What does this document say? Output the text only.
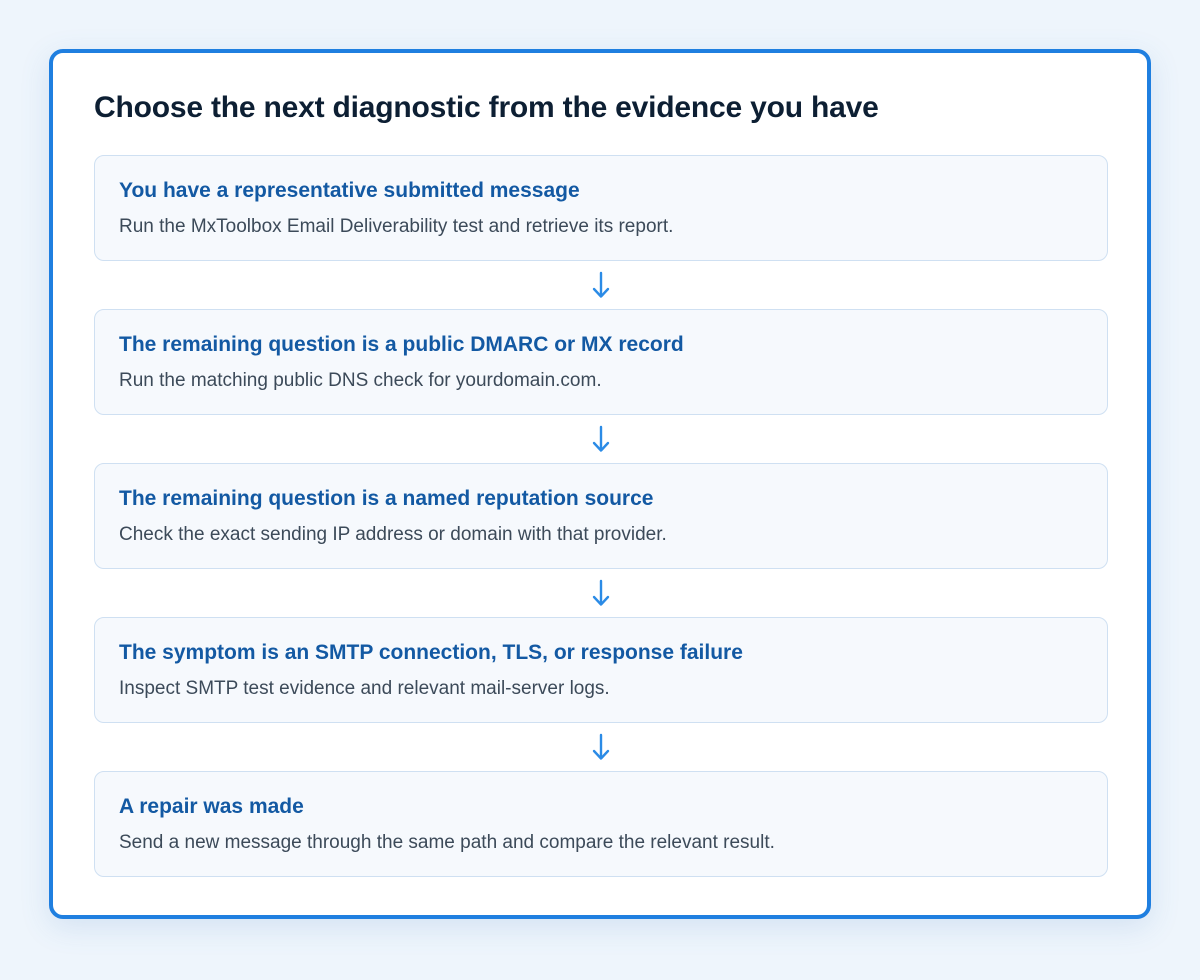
Choose the next diagnostic from the evidence you have
You have a representative submitted message
Run the MxToolbox Email Deliverability test and retrieve its report.
The remaining question is a public DMARC or MX record
Run the matching public DNS check for yourdomain.com.
The remaining question is a named reputation source
Check the exact sending IP address or domain with that provider.
The symptom is an SMTP connection, TLS, or response failure
Inspect SMTP test evidence and relevant mail-server logs.
A repair was made
Send a new message through the same path and compare the relevant result.
